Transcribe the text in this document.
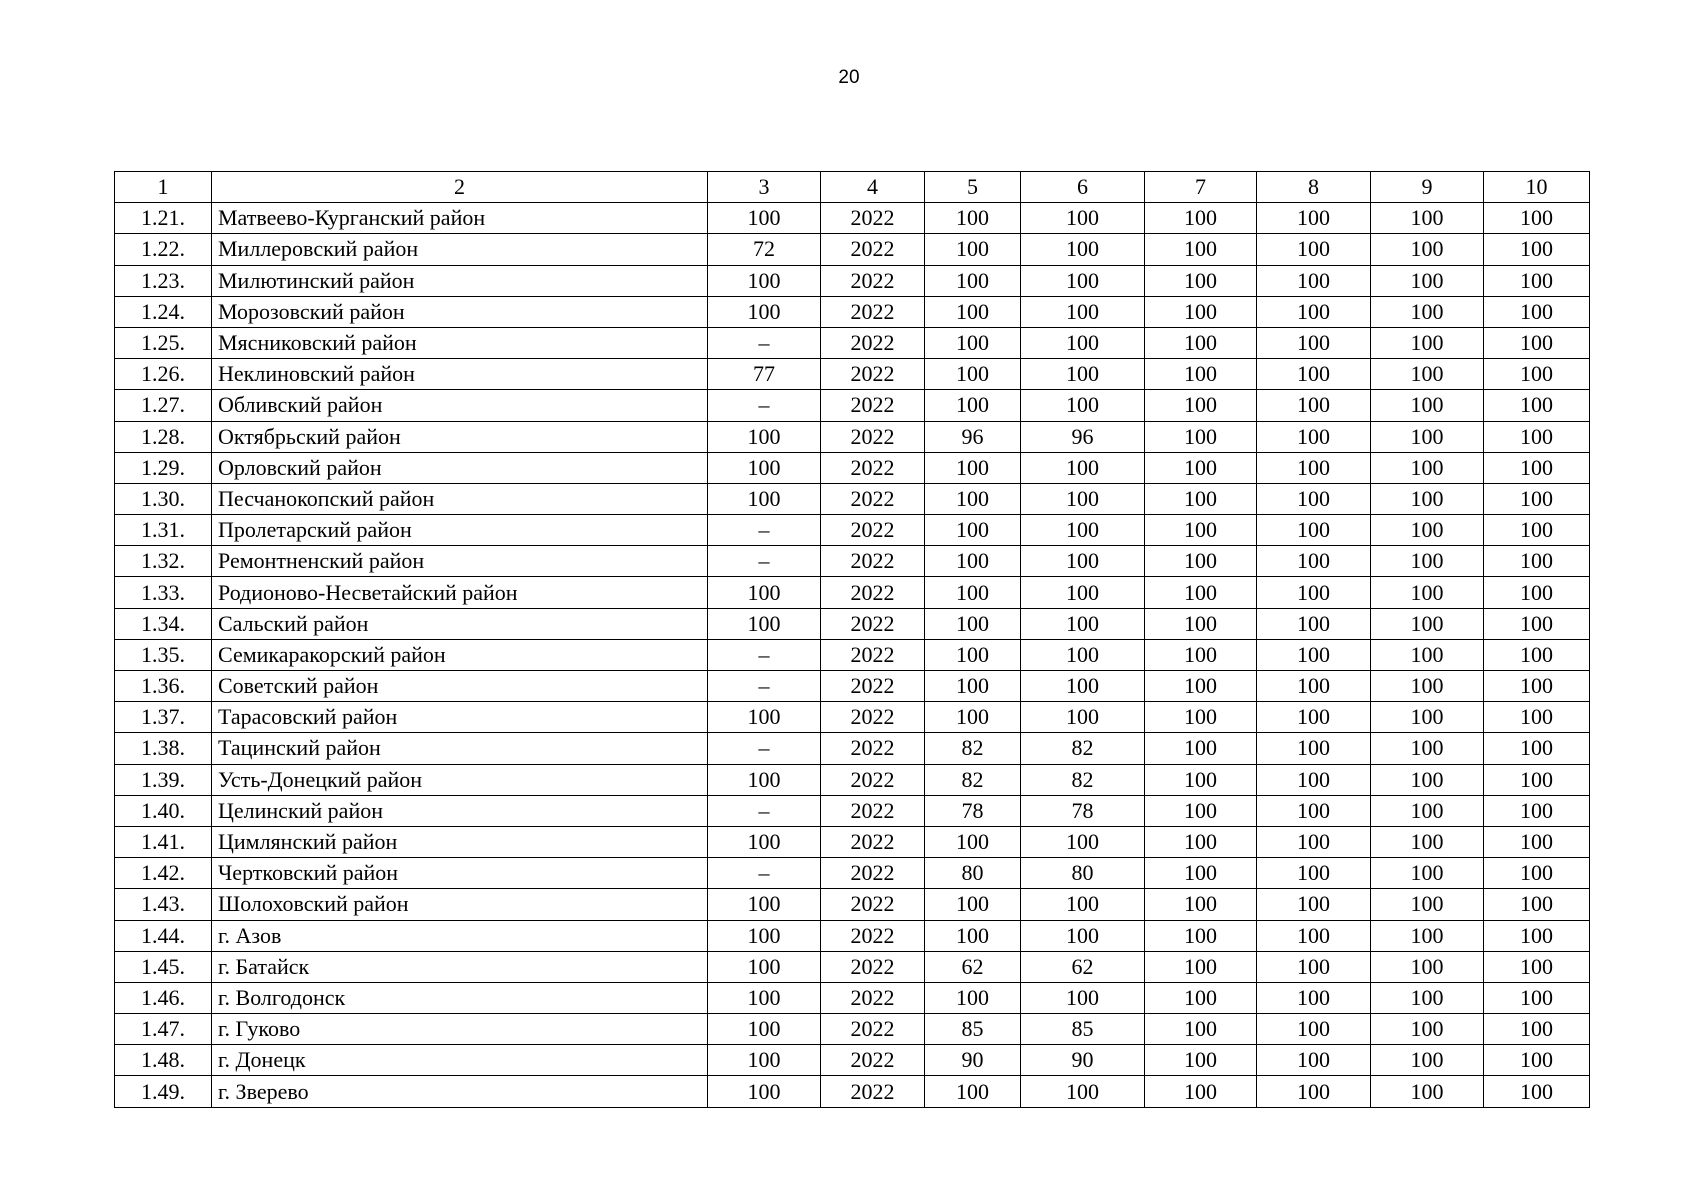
20
1	2	3	4	5	6	7	8	9	10
1.21.	Матвеево-Курганский район	100	2022	100	100	100	100	100	100
1.22.	Миллеровский район	72	2022	100	100	100	100	100	100
1.23.	Милютинский район	100	2022	100	100	100	100	100	100
1.24.	Морозовский район	100	2022	100	100	100	100	100	100
1.25.	Мясниковский район	–	2022	100	100	100	100	100	100
1.26.	Неклиновский район	77	2022	100	100	100	100	100	100
1.27.	Обливский район	–	2022	100	100	100	100	100	100
1.28.	Октябрьский район	100	2022	96	96	100	100	100	100
1.29.	Орловский район	100	2022	100	100	100	100	100	100
1.30.	Песчанокопский район	100	2022	100	100	100	100	100	100
1.31.	Пролетарский район	–	2022	100	100	100	100	100	100
1.32.	Ремонтненский район	–	2022	100	100	100	100	100	100
1.33.	Родионово-Несветайский район	100	2022	100	100	100	100	100	100
1.34.	Сальский район	100	2022	100	100	100	100	100	100
1.35.	Семикаракорский район	–	2022	100	100	100	100	100	100
1.36.	Советский район	–	2022	100	100	100	100	100	100
1.37.	Тарасовский район	100	2022	100	100	100	100	100	100
1.38.	Тацинский район	–	2022	82	82	100	100	100	100
1.39.	Усть-Донецкий район	100	2022	82	82	100	100	100	100
1.40.	Целинский район	–	2022	78	78	100	100	100	100
1.41.	Цимлянский район	100	2022	100	100	100	100	100	100
1.42.	Чертковский район	–	2022	80	80	100	100	100	100
1.43.	Шолоховский район	100	2022	100	100	100	100	100	100
1.44.	г. Азов	100	2022	100	100	100	100	100	100
1.45.	г. Батайск	100	2022	62	62	100	100	100	100
1.46.	г. Волгодонск	100	2022	100	100	100	100	100	100
1.47.	г. Гуково	100	2022	85	85	100	100	100	100
1.48.	г. Донецк	100	2022	90	90	100	100	100	100
1.49.	г. Зверево	100	2022	100	100	100	100	100	100
